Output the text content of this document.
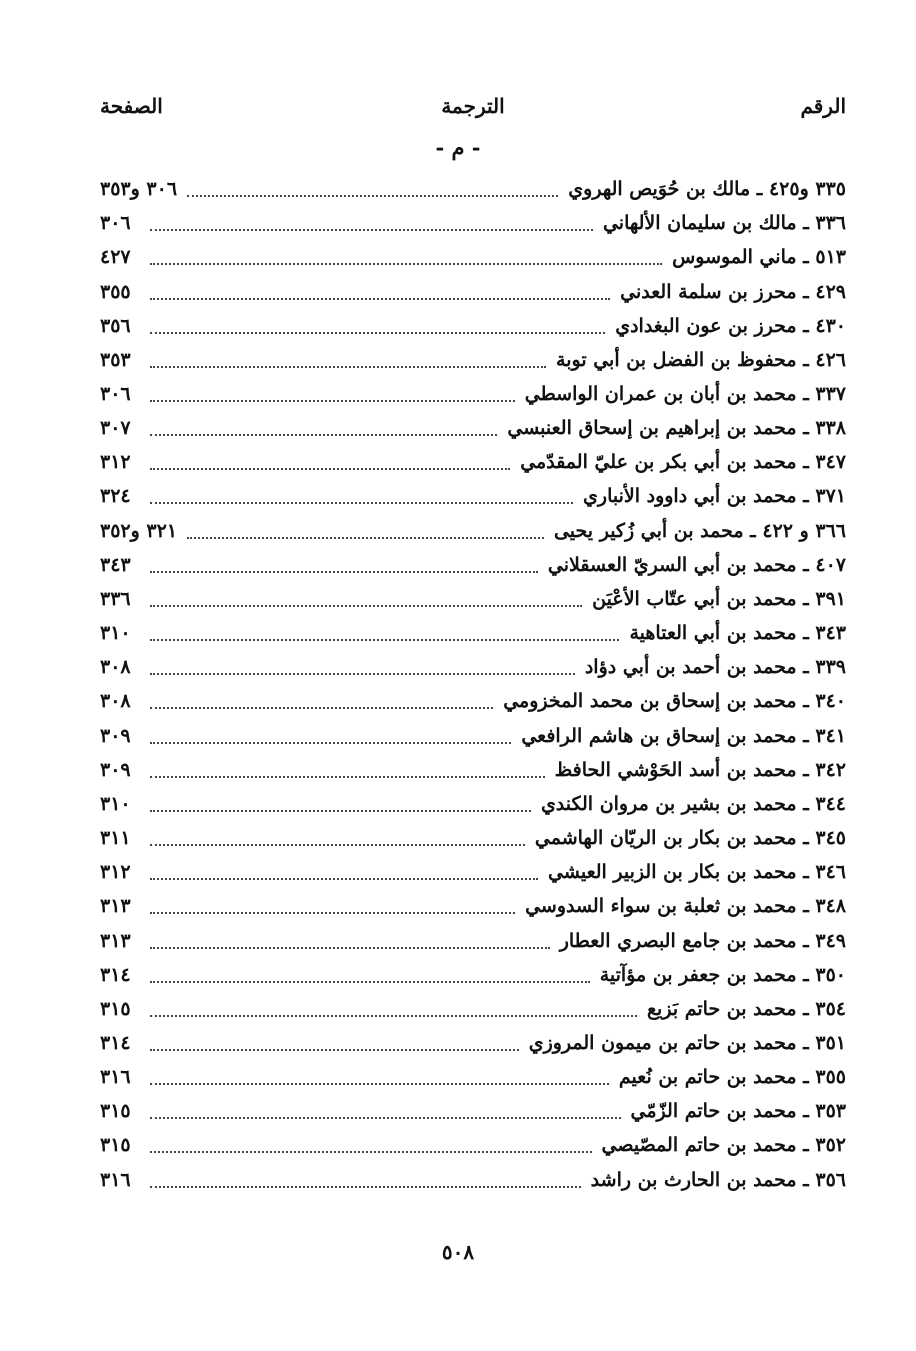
الرقم
الترجمة
الصفحة
- م -
٣٣٥ و٤٢٥ ـ مالك بن حُوَيص الهروي
٣٠٦ و٣٥٣
٣٣٦ ـ مالك بن سليمان الألهاني
٣٠٦
٥١٣ ـ ماني الموسوس
٤٢٧
٤٢٩ ـ محرز بن سلمة العدني
٣٥٥
٤٣٠ ـ محرز بن عون البغدادي
٣٥٦
٤٢٦ ـ محفوظ بن الفضل بن أبي توبة
٣٥٣
٣٣٧ ـ محمد بن أبان بن عمران الواسطي
٣٠٦
٣٣٨ ـ محمد بن إبراهيم بن إسحاق العنبسي
٣٠٧
٣٤٧ ـ محمد بن أبي بكر بن عليّ المقدّمي
٣١٢
٣٧١ ـ محمد بن أبي داوود الأنباري
٣٢٤
٣٦٦ و ٤٢٢ ـ محمد بن أبي زُكير يحيى
٣٢١ و٣٥٢
٤٠٧ ـ محمد بن أبي السريّ العسقلاني
٣٤٣
٣٩١ ـ محمد بن أبي عتّاب الأعْيَن
٣٣٦
٣٤٣ ـ محمد بن أبي العتاهية
٣١٠
٣٣٩ ـ محمد بن أحمد بن أبي دؤاد
٣٠٨
٣٤٠ ـ محمد بن إسحاق بن محمد المخزومي
٣٠٨
٣٤١ ـ محمد بن إسحاق بن هاشم الرافعي
٣٠٩
٣٤٢ ـ محمد بن أسد الحَوْشي الحافظ
٣٠٩
٣٤٤ ـ محمد بن بشير بن مروان الكندي
٣١٠
٣٤٥ ـ محمد بن بكار بن الريّان الهاشمي
٣١١
٣٤٦ ـ محمد بن بكار بن الزبير العيشي
٣١٢
٣٤٨ ـ محمد بن ثعلبة بن سواء السدوسي
٣١٣
٣٤٩ ـ محمد بن جامع البصري العطار
٣١٣
٣٥٠ ـ محمد بن جعفر بن مؤآتية
٣١٤
٣٥٤ ـ محمد بن حاتم بَزيع
٣١٥
٣٥١ ـ محمد بن حاتم بن ميمون المروزي
٣١٤
٣٥٥ ـ محمد بن حاتم بن نُعيم
٣١٦
٣٥٣ ـ محمد بن حاتم الزّمّي
٣١٥
٣٥٢ ـ محمد بن حاتم المصّيصي
٣١٥
٣٥٦ ـ محمد بن الحارث بن راشد
٣١٦
٥٠٨
